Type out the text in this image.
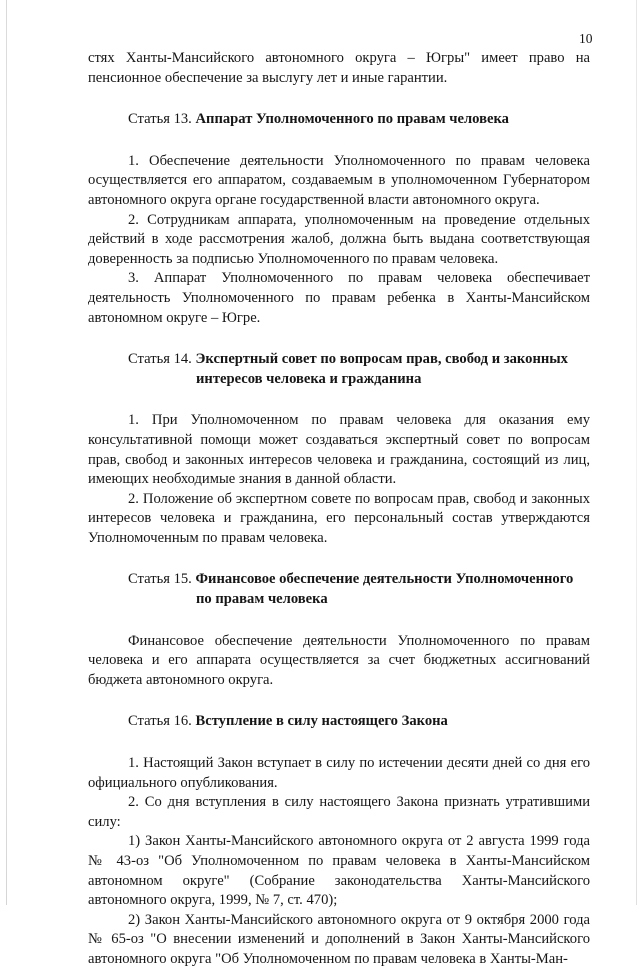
10

стях Ханты-Мансийского автономного округа – Югры" имеет право на пенсионное обеспечение за выслугу лет и иные гарантии.

Статья 13. Аппарат Уполномоченного по правам человека

1. Обеспечение деятельности Уполномоченного по правам человека осуществляется его аппаратом, создаваемым в уполномоченном Губернатором автономного округа органе государственной власти автономного округа.

2. Сотрудникам аппарата, уполномоченным на проведение отдельных действий в ходе рассмотрения жалоб, должна быть выдана соответствующая доверенность за подписью Уполномоченного по правам человека.

3. Аппарат Уполномоченного по правам человека обеспечивает деятельность Уполномоченного по правам ребенка в Ханты-Мансийском автономном округе – Югре.

Статья 14. Экспертный совет по вопросам прав, свобод и законных
интересов человека и гражданина

1. При Уполномоченном по правам человека для оказания ему консультативной помощи может создаваться экспертный совет по вопросам прав, свобод и законных интересов человека и гражданина, состоящий из лиц, имеющих необходимые знания в данной области.

2. Положение об экспертном совете по вопросам прав, свобод и законных интересов человека и гражданина, его персональный состав утверждаются Уполномоченным по правам человека.

Статья 15. Финансовое обеспечение деятельности Уполномоченного
по правам человека

Финансовое обеспечение деятельности Уполномоченного по правам человека и его аппарата осуществляется за счет бюджетных ассигнований бюджета автономного округа.

Статья 16. Вступление в силу настоящего Закона

1. Настоящий Закон вступает в силу по истечении десяти дней со дня его официального опубликования.

2. Со дня вступления в силу настоящего Закона признать утратившими силу:

1) Закон Ханты-Мансийского автономного округа от 2 августа 1999 года № 43-оз "Об Уполномоченном по правам человека в Ханты-Мансийском автономном округе" (Собрание законодательства Ханты-Мансийского автономного округа, 1999, № 7, ст. 470);

2) Закон Ханты-Мансийского автономного округа от 9 октября 2000 года № 65-оз "О внесении изменений и дополнений в Закон Ханты-Мансийского автономного округа "Об Уполномоченном по правам человека в Ханты-Ман-
